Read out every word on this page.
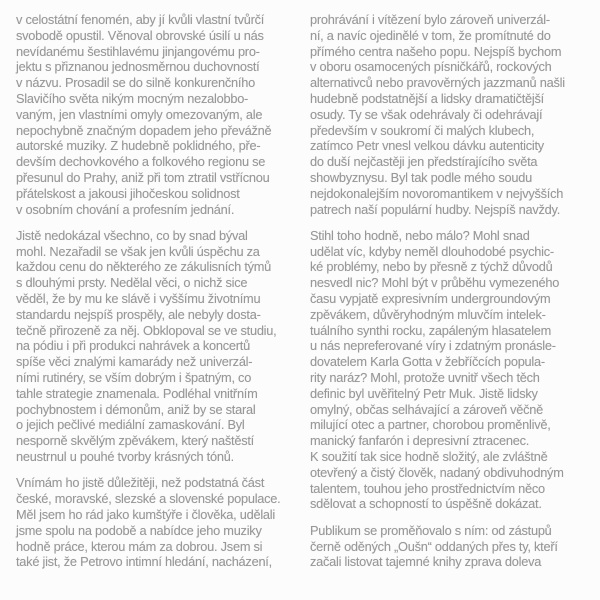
v celostátní fenomén, aby jí kvůli vlastní tvůrčí
svobodě opustil. Věnoval obrovské úsilí u nás
nevídanému šestihlavému jinjangovému pro-
jektu s přiznanou jednosměrnou duchovností
v názvu. Prosadil se do silně konkurenčního
Slavičího světa nikým mocným nezalobbo-
vaným, jen vlastními omyly omezovaným, ale
nepochybně značným dopadem jeho převážně
autorské muziky. Z hudebně poklidného, pře-
devším dechovkového a folkového regionu se
přesunul do Prahy, aniž při tom ztratil vstřícnou
přátelskost a jakousi jihočeskou solidnost
v osobním chování a profesním jednání.
Jistě nedokázal všechno, co by snad býval
mohl. Nezařadil se však jen kvůli úspěchu za
každou cenu do některého ze zákulisních týmů
s dlouhými prsty. Nedělal věci, o nichž sice
věděl, že by mu ke slávě i vyššímu životnímu
standardu nejspíš prospěly, ale nebyly dosta-
tečně přirozeně za něj. Obklopoval se ve studiu,
na pódiu i při produkci nahrávek a koncertů
spíše věci znalými kamarády než univerzál-
ními rutinéry, se vším dobrým i špatným, co
tahle strategie znamenala. Podléhal vnitřním
pochybnostem i démonům, aniž by se staral
o jejich pečlivé mediální zamaskování. Byl
nesporně skvělým zpěvákem, který naštěstí
neustrnul u pouhé tvorby krásných tónů.
Vnímám ho jistě důležitěji, než podstatná část
české, moravské, slezské a slovenské populace.
Měl jsem ho rád jako kumštýře i člověka, udělali
jsme spolu na podobě a nabídce jeho muziky
hodně práce, kterou mám za dobrou. Jsem si
také jist, že Petrovo intimní hledání, nacházení,
prohrávání i vítězení bylo zároveň univerzál-
ní, a navíc ojedinělé v tom, že promítnuté do
přímého centra našeho popu. Nejspíš bychom
v oboru osamocených písničkářů, rockových
alternativců nebo pravověrných jazzmanů našli
hudebně podstatnější a lidsky dramatičtější
osudy. Ty se však odehrávaly či odehrávají
především v soukromí či malých klubech,
zatímco Petr vnesl velkou dávku autenticity
do duší nejčastěji jen předstírajícího světa
showbyznysu. Byl tak podle mého soudu
nejdokonalejším novoromantikem v nejvyšších
patrech naší populární hudby. Nejspíš navždy.
Stihl toho hodně, nebo málo? Mohl snad
udělat víc, kdyby neměl dlouhodobé psychic-
ké problémy, nebo by přesně z týchž důvodů
nesvedl nic? Mohl být v průběhu vymezeného
času vypjatě expresivním undergroundovým
zpěvákem, důvěryhodným mluvčím intelek-
tuálního synthi rocku, zapáleným hlasatelem
u nás nepreferované víry i zdatným pronásle-
dovatelem Karla Gotta v žebříčcích popula-
rity naráz? Mohl, protože uvnitř všech těch
definic byl uvěřitelný Petr Muk. Jistě lidsky
omylný, občas selhávající a zároveň věčně
milující otec a partner, chorobou proměnlivě,
manický fanfarón i depresivní ztracenec.
K soužití tak sice hodně složitý, ale zvláštně
otevřený a čistý člověk, nadaný obdivuhodným
talentem, touhou jeho prostřednictvím něco
sdělovat a schopností to úspěšně dokázat.
Publikum se proměňovalo s ním: od zástupů
černě oděných „Oušn“ oddaných přes ty, kteří
začali listovat tajemné knihy zprava doleva
